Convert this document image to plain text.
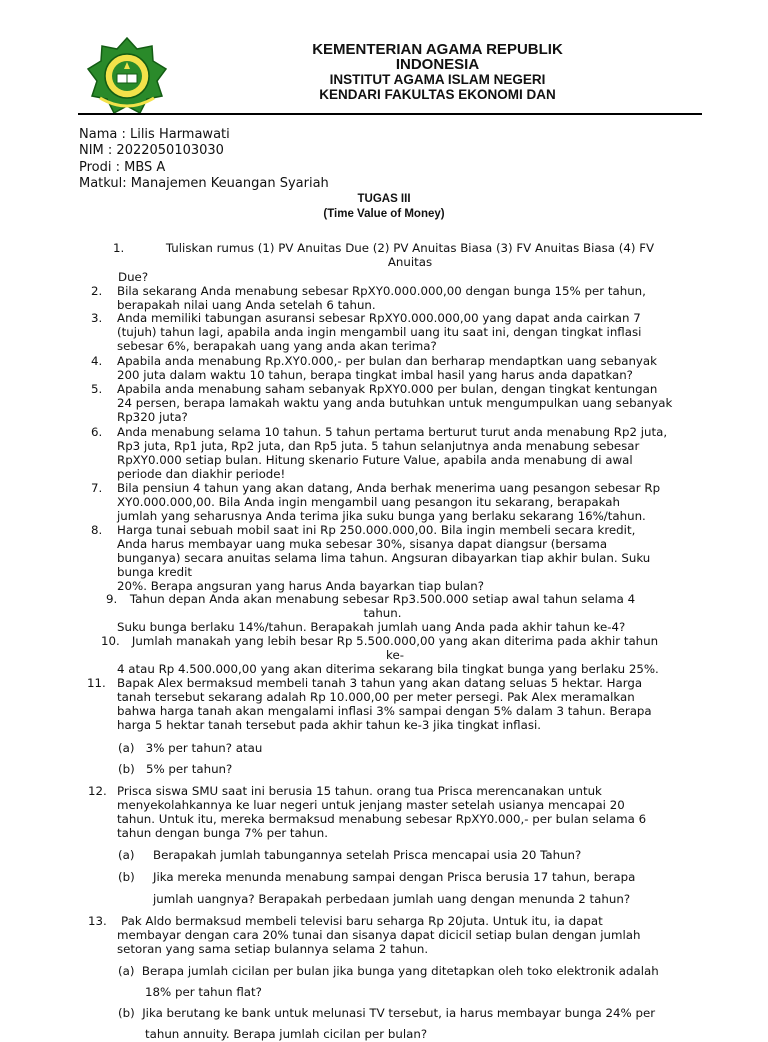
KEMENTERIAN AGAMA REPUBLIK
INDONESIA
INSTITUT AGAMA ISLAM NEGERI
KENDARI FAKULTAS EKONOMI DAN
Nama : Lilis Harmawati
NIM : 2022050103030
Prodi : MBS A
Matkul: Manajemen Keuangan Syariah
TUGAS III
(Time Value of Money)
1.	Tuliskan rumus (1) PV Anuitas Due (2) PV Anuitas Biasa (3) FV Anuitas Biasa (4) FV
Anuitas
Due?
2. Bila sekarang Anda menabung sebesar RpXY0.000.000,00 dengan bunga 15% per tahun,
berapakah nilai uang Anda setelah 6 tahun.
3. Anda memiliki tabungan asuransi sebesar RpXY0.000.000,00 yang dapat anda cairkan 7
(tujuh) tahun lagi, apabila anda ingin mengambil uang itu saat ini, dengan tingkat inflasi
sebesar 6%, berapakah uang yang anda akan terima?
4. Apabila anda menabung Rp.XY0.000,- per bulan dan berharap mendaptkan uang sebanyak
200 juta dalam waktu 10 tahun, berapa tingkat imbal hasil yang harus anda dapatkan?
5. Apabila anda menabung saham sebanyak RpXY0.000 per bulan, dengan tingkat kentungan
24 persen, berapa lamakah waktu yang anda butuhkan untuk mengumpulkan uang sebanyak
Rp320 juta?
6. Anda menabung selama 10 tahun. 5 tahun pertama berturut turut anda menabung Rp2 juta,
Rp3 juta, Rp1 juta, Rp2 juta, dan Rp5 juta. 5 tahun selanjutnya anda menabung sebesar
RpXY0.000 setiap bulan. Hitung skenario Future Value, apabila anda menabung di awal
periode dan diakhir periode!
7. Bila pensiun 4 tahun yang akan datang, Anda berhak menerima uang pesangon sebesar Rp
XY0.000.000,00. Bila Anda ingin mengambil uang pesangon itu sekarang, berapakah
jumlah yang seharusnya Anda terima jika suku bunga yang berlaku sekarang 16%/tahun.
8. Harga tunai sebuah mobil saat ini Rp 250.000.000,00. Bila ingin membeli secara kredit,
Anda harus membayar uang muka sebesar 30%, sisanya dapat diangsur (bersama
bunganya) secara anuitas selama lima tahun. Angsuran dibayarkan tiap akhir bulan. Suku
bunga kredit
20%. Berapa angsuran yang harus Anda bayarkan tiap bulan?
9.	Tahun depan Anda akan menabung sebesar Rp3.500.000 setiap awal tahun selama 4
tahun.
Suku bunga berlaku 14%/tahun. Berapakah jumlah uang Anda pada akhir tahun ke-4?
10.	Jumlah manakah yang lebih besar Rp 5.500.000,00 yang akan diterima pada akhir tahun
ke-
4 atau Rp 4.500.000,00 yang akan diterima sekarang bila tingkat bunga yang berlaku 25%.
11. Bapak Alex bermaksud membeli tanah 3 tahun yang akan datang seluas 5 hektar. Harga
tanah tersebut sekarang adalah Rp 10.000,00 per meter persegi. Pak Alex meramalkan
bahwa harga tanah akan mengalami inflasi 3% sampai dengan 5% dalam 3 tahun. Berapa
harga 5 hektar tanah tersebut pada akhir tahun ke-3 jika tingkat inflasi.
(a)   3% per tahun? atau
(b)   5% per tahun?
12. Prisca siswa SMU saat ini berusia 15 tahun. orang tua Prisca merencanakan untuk
menyekolahkannya ke luar negeri untuk jenjang master setelah usianya mencapai 20
tahun. Untuk itu, mereka bermaksud menabung sebesar RpXY0.000,- per bulan selama 6
tahun dengan bunga 7% per tahun.
(a) Berapakah jumlah tabungannya setelah Prisca mencapai usia 20 Tahun?
(b) Jika mereka menunda menabung sampai dengan Prisca berusia 17 tahun, berapa
jumlah uangnya? Berapakah perbedaan jumlah uang dengan menunda 2 tahun?
13. Pak Aldo bermaksud membeli televisi baru seharga Rp 20juta. Untuk itu, ia dapat
membayar dengan cara 20% tunai dan sisanya dapat dicicil setiap bulan dengan jumlah
setoran yang sama setiap bulannya selama 2 tahun.
(a)  Berapa jumlah cicilan per bulan jika bunga yang ditetapkan oleh toko elektronik adalah
18% per tahun flat?
(b)  Jika berutang ke bank untuk melunasi TV tersebut, ia harus membayar bunga 24% per
tahun annuity. Berapa jumlah cicilan per bulan?
